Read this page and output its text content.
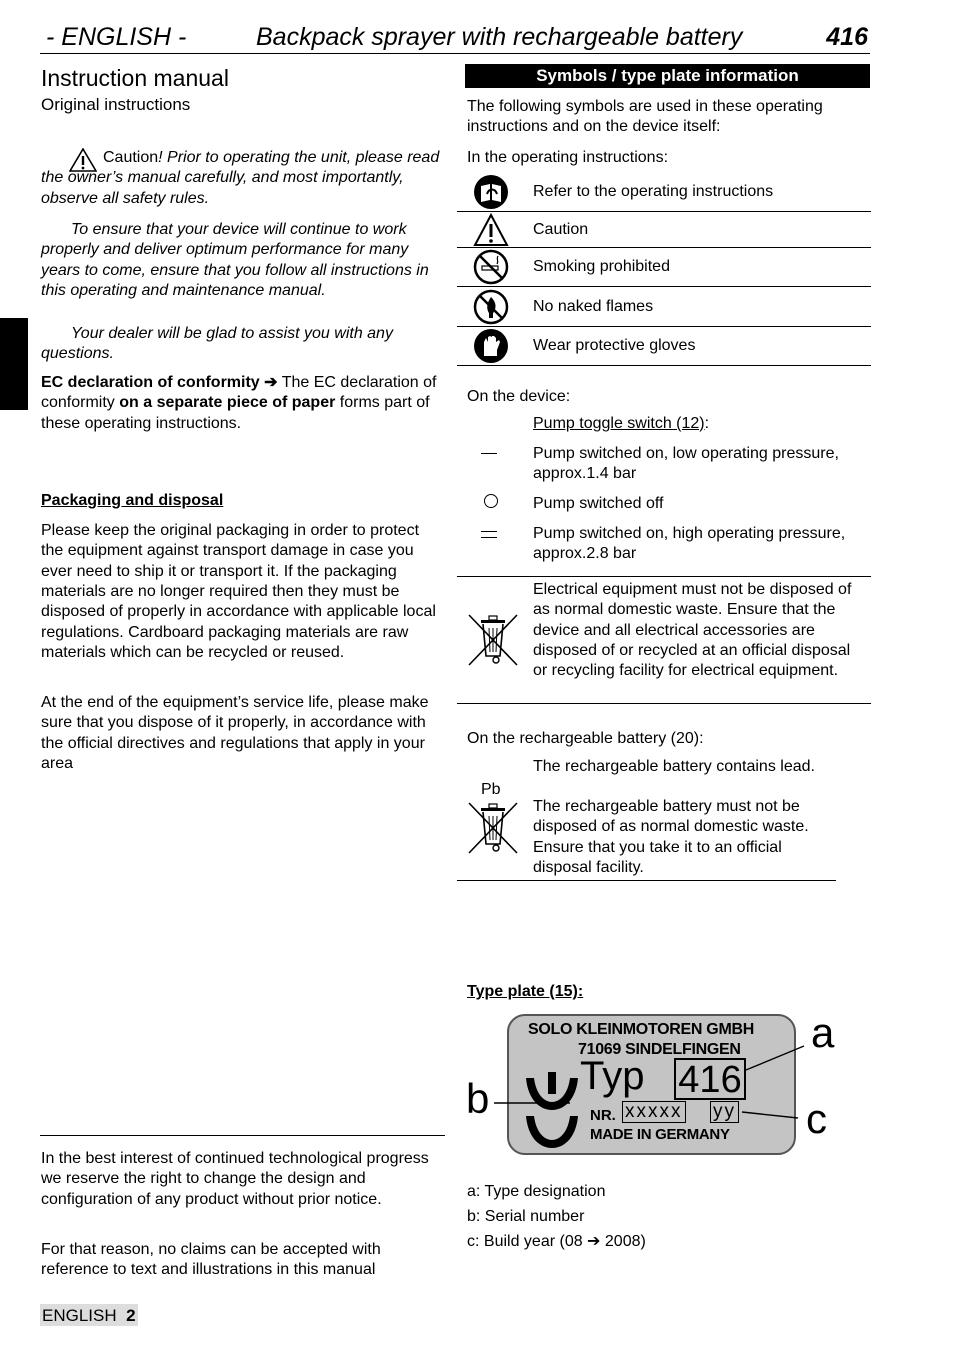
- ENGLISH -	Backpack sprayer with rechargeable battery	416
Instruction manual
Original instructions

Caution! Prior to operating the unit, please read the owner’s manual carefully, and most importantly, observe all safety rules.

To ensure that your device will continue to work properly and deliver optimum performance for many years to come, ensure that you follow all instructions in this operating and maintenance manual.

Your dealer will be glad to assist you with any questions.

EC declaration of conformity ➔ The EC declaration of conformity on a separate piece of paper forms part of these operating instructions.

Packaging and disposal

Please keep the original packaging in order to protect the equipment against transport damage in case you ever need to ship it or transport it. If the packaging materials are no longer required then they must be disposed of properly in accordance with applicable local regulations. Cardboard packaging materials are raw materials which can be recycled or reused.

At the end of the equipment’s service life, please make sure that you dispose of it properly, in accordance with the official directives and regulations that apply in your area

In the best interest of continued technological progress we reserve the right to change the design and configuration of any product without prior notice.

For that reason, no claims can be accepted with reference to text and illustrations in this manual

ENGLISH 2
Symbols / type plate information

The following symbols are used in these operating instructions and on the device itself:

In the operating instructions:
Refer to the operating instructions
Caution
Smoking prohibited
No naked flames
Wear protective gloves
On the device:
Pump toggle switch (12):

Pump switched on, low operating pressure, approx.1.4 bar

Pump switched off

Pump switched on, high operating pressure, approx.2.8 bar

Electrical equipment must not be disposed of as normal domestic waste. Ensure that the device and all electrical accessories are disposed of or recycled at an official disposal or recycling facility for electrical equipment.

On the rechargeable battery (20):
Pb

The rechargeable battery contains lead.

The rechargeable battery must not be disposed of as normal domestic waste. Ensure that you take it to an official disposal facility.

Type plate (15):
SOLO KLEINMOTOREN GMBH
71069 SINDELFINGEN
Typ 416
NR. xxxxx yy
MADE IN GERMANY
a
b	c
a: Type designation
b: Serial number
c: Build year (08 ➔ 2008)
